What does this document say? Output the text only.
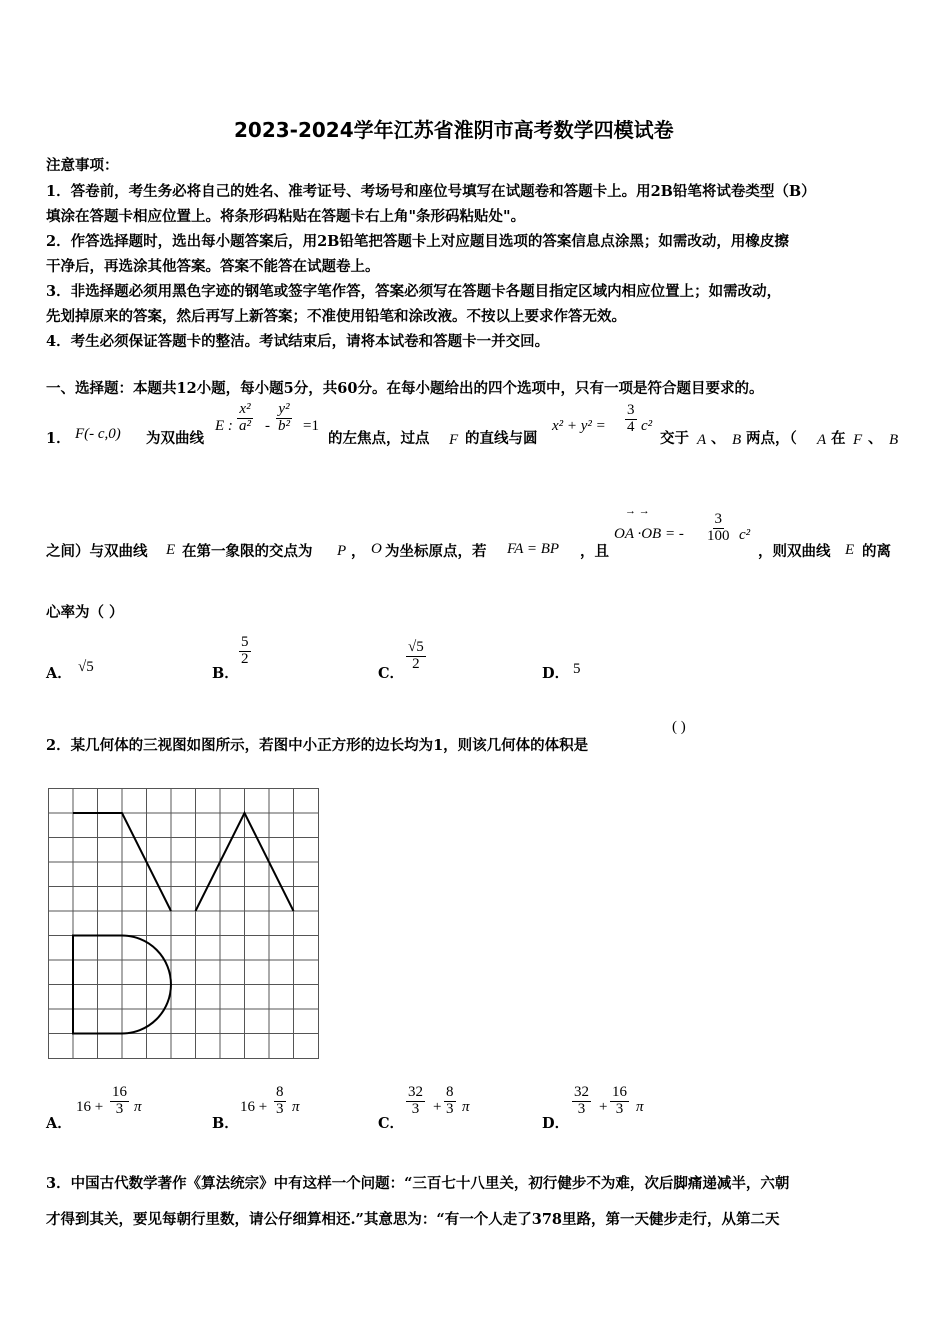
2023-2024学年江苏省淮阴市高考数学四模试卷
注意事项：
1．答卷前，考生务必将自己的姓名、准考证号、考场号和座位号填写在试题卷和答题卡上。用2B铅笔将试卷类型（B）
填涂在答题卡相应位置上。将条形码粘贴在答题卡右上角"条形码粘贴处"。
2．作答选择题时，选出每小题答案后，用2B铅笔把答题卡上对应题目选项的答案信息点涂黑；如需改动，用橡皮擦
干净后，再选涂其他答案。答案不能答在试题卷上。
3．非选择题必须用黑色字迹的钢笔或签字笔作答，答案必须写在答题卡各题目指定区域内相应位置上；如需改动，
先划掉原来的答案，然后再写上新答案；不准使用铅笔和涂改液。不按以上要求作答无效。
4．考生必须保证答题卡的整洁。考试结束后，请将本试卷和答题卡一并交回。
一、选择题：本题共12小题，每小题5分，共60分。在每小题给出的四个选项中，只有一项是符合题目要求的。
1． F(- c,0) 为双曲线
E : $\frac{\text{x²}}{\text{a²}} - \frac{\text{y²}}{\text{b²}} =1$
的左焦点，过点 F 的直线与圆
$x^2 + y^2 = \frac{3}{4} c^2$
交于 A 、 B 两点，（ A 在 F 、 B
之间）与双曲线 E 在第一象限的交点为 P ， O 为坐标原点，若 FA = BP ，且
→ →
OA ·OB = - $\frac{3}{100} c^2$
，则双曲线 E 的离
心率为（ ）
A． √5	B．
$\frac{5}{2}$
C．
$\frac{√5}{2}$
D． 5
2．某几何体的三视图如图所示，若图中小正方形的边长均为1，则该几何体的体积是
( )
A．
$16 + \frac{16}{3}$ π
B．
$16 + \frac{8}{3}$ π
C．
$\frac{32}{3} + \frac{8}{3}$ π
D．
$\frac{32}{3} + \frac{16}{3}$ π
3．中国古代数学著作《算法统宗》中有这样一个问题：“三百七十八里关，初行健步不为难，次后脚痛递减半，六朝
才得到其关，要见每朝行里数，请公仔细算相还.”其意思为：“有一个人走了378里路，第一天健步走行，从第二天
